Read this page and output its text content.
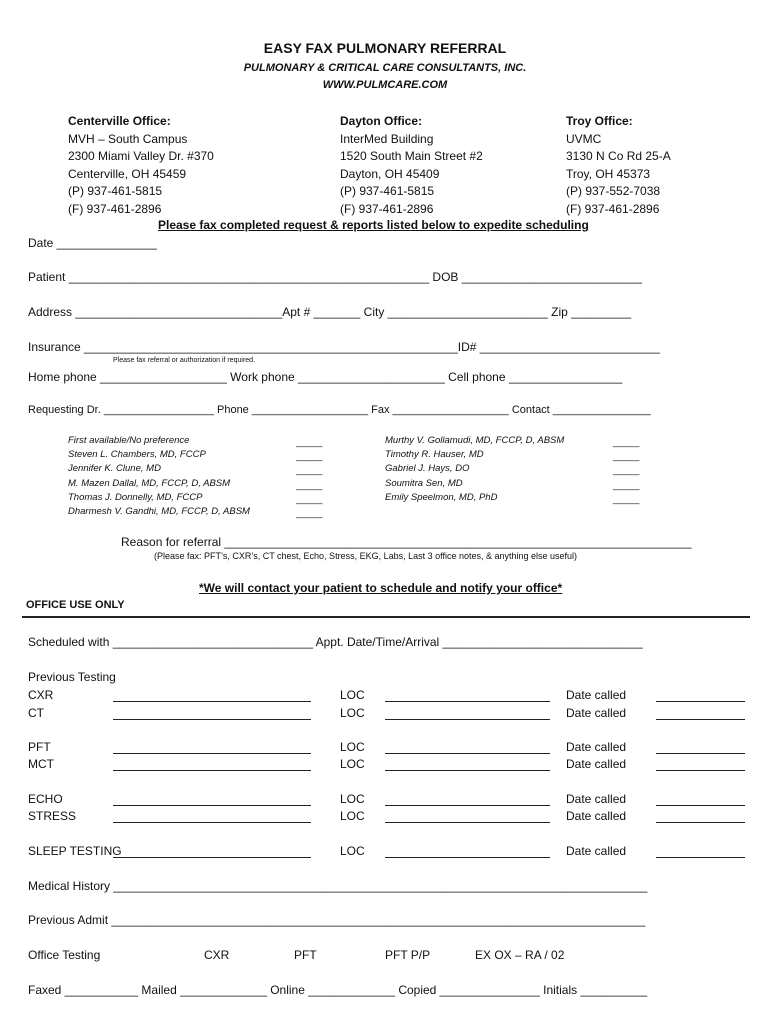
EASY FAX PULMONARY REFERRAL
PULMONARY & CRITICAL CARE CONSULTANTS, INC.
WWW.PULMCARE.COM
Centerville Office:
MVH – South Campus
2300 Miami Valley Dr. #370
Centerville, OH 45459
(P) 937-461-5815
(F) 937-461-2896
Dayton Office:
InterMed Building
1520 South Main Street #2
Dayton, OH 45409
(P) 937-461-5815
(F) 937-461-2896
Troy Office:
UVMC
3130 N Co Rd 25-A
Troy, OH 45373
(P) 937-552-7038
(F) 937-461-2896
Please fax completed request & reports listed below to expedite scheduling
Date _______________
Patient ______________________________________________________ DOB ___________________________
Address _______________________________Apt # _______ City ________________________ Zip _________
Insurance ________________________________________________________ID# ___________________________
Please fax referral or authorization if required.
Home phone ___________________ Work phone ______________________ Cell phone _________________
Requesting Dr. __________________ Phone ___________________ Fax ___________________ Contact ________________
First available/No preference
Steven L. Chambers, MD, FCCP
Jennifer K. Clune, MD
M. Mazen Dallal, MD, FCCP, D, ABSM
Thomas J. Donnelly, MD, FCCP
Dharmesh V. Gandhi, MD, FCCP, D, ABSM
_____
_____
_____
_____
_____
_____
Murthy V. Gollamudi, MD, FCCP, D, ABSM
Timothy R. Hauser, MD
Gabriel J. Hays, DO
Soumitra Sen, MD
Emily Speelmon, MD, PhD
_____
_____
_____
_____
_____
Reason for referral ______________________________________________________________________
(Please fax: PFT’s, CXR’s, CT chest, Echo, Stress, EKG, Labs, Last 3 office notes, & anything else useful)
*We will contact your patient to schedule and notify your office*
OFFICE USE ONLY
Scheduled with ______________________________ Appt. Date/Time/Arrival ______________________________
Previous Testing
CXR	LOC	Date called
CT	LOC	Date called
PFT	LOC	Date called
MCT	LOC	Date called
ECHO	LOC	Date called
STRESS	LOC	Date called
SLEEP TESTING	LOC	Date called
Medical History ________________________________________________________________________________
Previous Admit ________________________________________________________________________________
Office Testing	CXR	PFT	PFT P/P	EX OX – RA / 02
Faxed ___________ Mailed _____________ Online _____________ Copied _______________ Initials __________
